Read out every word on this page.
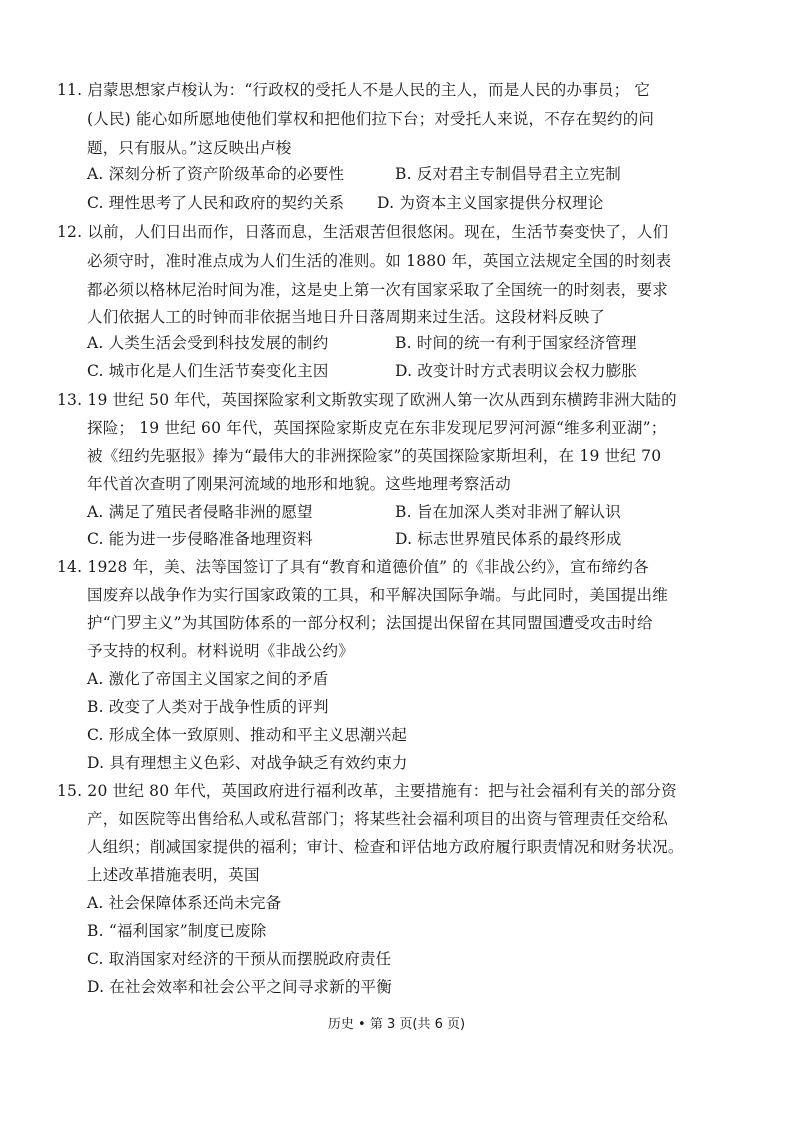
11. 启蒙思想家卢梭认为：“行政权的受托人不是人民的主人，而是人民的办事员； 它
(人民) 能心如所愿地使他们掌权和把他们拉下台；对受托人来说，不存在契约的问
题，只有服从。”这反映出卢梭
A. 深刻分析了资产阶级革命的必要性	B. 反对君主专制倡导君主立宪制
C. 理性思考了人民和政府的契约关系 D. 为资本主义国家提供分权理论
12. 以前，人们日出而作，日落而息，生活艰苦但很悠闲。现在，生活节奏变快了，人们
必须守时，准时准点成为人们生活的准则。如 1880 年，英国立法规定全国的时刻表
都必须以格林尼治时间为准，这是史上第一次有国家采取了全国统一的时刻表，要求
人们依据人工的时钟而非依据当地日升日落周期来过生活。这段材料反映了
A. 人类生活会受到科技发展的制约	B. 时间的统一有利于国家经济管理
C. 城市化是人们生活节奏变化主因	D. 改变计时方式表明议会权力膨胀
13. 19 世纪 50 年代，英国探险家利文斯敦实现了欧洲人第一次从西到东横跨非洲大陆的
探险； 19 世纪 60 年代，英国探险家斯皮克在东非发现尼罗河河源“维多利亚湖”；
被《纽约先驱报》捧为“最伟大的非洲探险家”的英国探险家斯坦利，在 19 世纪 70
年代首次查明了刚果河流域的地形和地貌。这些地理考察活动
A. 满足了殖民者侵略非洲的愿望	B. 旨在加深人类对非洲了解认识
C. 能为进一步侵略准备地理资料	D. 标志世界殖民体系的最终形成
14. 1928 年，美、法等国签订了具有“教育和道德价值” 的《非战公约》，宣布缔约各
国废弃以战争作为实行国家政策的工具，和平解决国际争端。与此同时，美国提出维
护“门罗主义”为其国防体系的一部分权利；法国提出保留在其同盟国遭受攻击时给
予支持的权利。材料说明《非战公约》
A. 激化了帝国主义国家之间的矛盾
B. 改变了人类对于战争性质的评判
C. 形成全体一致原则、推动和平主义思潮兴起
D. 具有理想主义色彩、对战争缺乏有效约束力
15. 20 世纪 80 年代，英国政府进行福利改革，主要措施有：把与社会福利有关的部分资
产，如医院等出售给私人或私营部门；将某些社会福利项目的出资与管理责任交给私
人组织；削减国家提供的福利；审计、检查和评估地方政府履行职责情况和财务状况。
上述改革措施表明，英国
A. 社会保障体系还尚未完备
B. “福利国家”制度已废除
C. 取消国家对经济的干预从而摆脱政府责任
D. 在社会效率和社会公平之间寻求新的平衡
历史 • 第 3 页(共 6 页)
